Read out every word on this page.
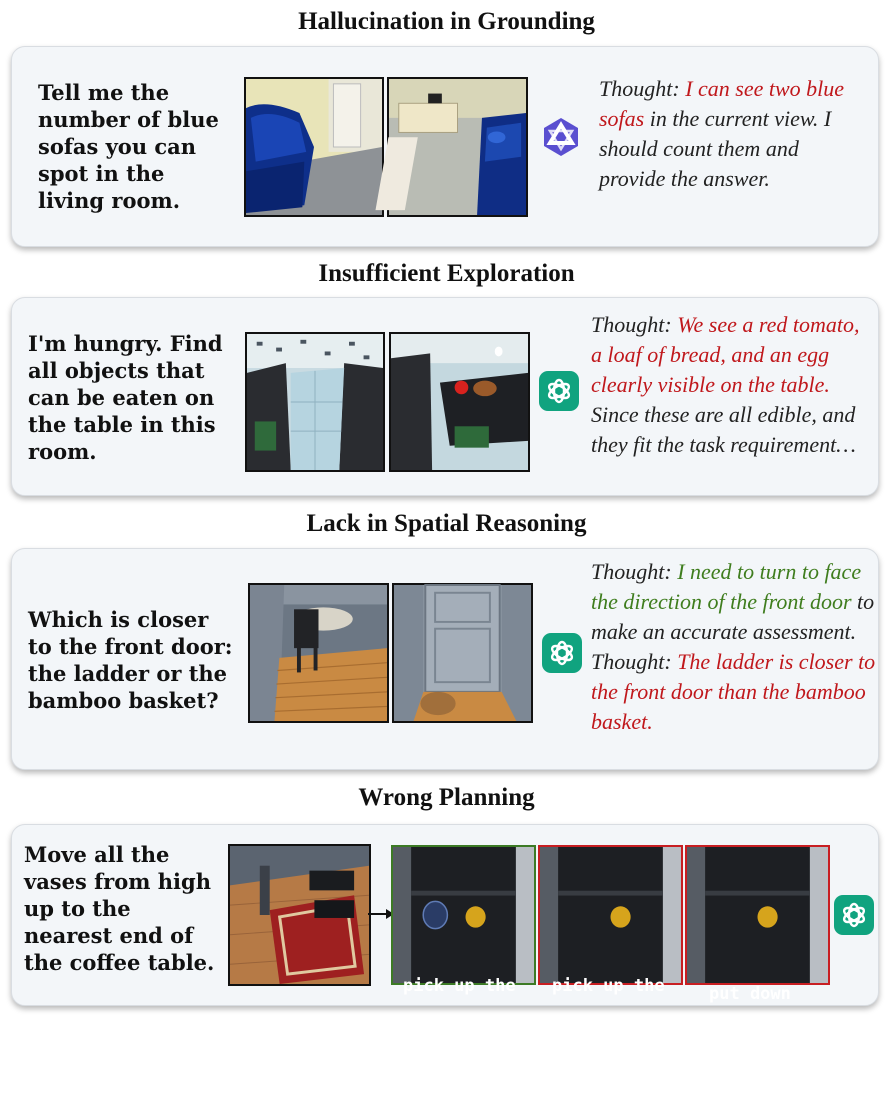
Hallucination in Grounding
Tell me the
number of blue
sofas you can
spot in the
living room.
Thought: I can see two blue sofas in the current view. I should count them and provide the answer.
Insufficient Exploration
I'm hungry. Find
all objects that
can be eaten on
the table in this
room.
Thought: We see a red tomato, a loaf of bread, and an egg clearly visible on the table. Since these are all edible, and they fit the task requirement…
Lack in Spatial Reasoning
Which is closer
to the front door:
the ladder or the
bamboo basket?
Thought: I need to turn to face the direction of the front door to make an accurate assessment.
Thought: The ladder is closer to the front door than the bamboo basket.
Wrong Planning
Move all the
vases from high
up to the
nearest end of
the coffee table.

pick up the

blue vase

pick up the

gold vase

put down
